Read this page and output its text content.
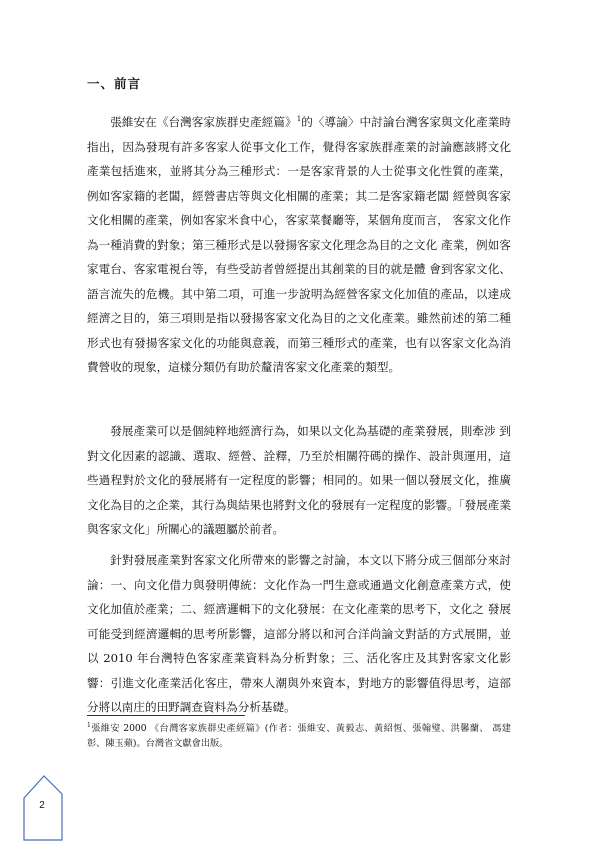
一、前言
張維安在《台灣客家族群史產經篇》$^1$的〈導論〉中討論台灣客家與文化產業時指出，因為發現有許多客家人從事文化工作，覺得客家族群產業的討論應該將文化產業包括進來，並將其分為三種形式：一是客家背景的人士從事文化性質的產業，例如客家籍的老闆，經營書店等與文化相關的產業；其二是客家籍老闆 經營與客家文化相關的產業，例如客家米食中心，客家菜餐廳等，某個角度而言， 客家文化作為一種消費的對象；第三種形式是以發揚客家文化理念為目的之文化 產業，例如客家電台、客家電視台等，有些受訪者曾經提出其創業的目的就是體 會到客家文化、語言流失的危機。其中第二項，可進一步說明為經營客家文化加值的產品，以達成經濟之目的，第三項則是指以發揚客家文化為目的之文化產業。雖然前述的第二種形式也有發揚客家文化的功能與意義，而第三種形式的產業，也有以客家文化為消費營收的現象，這樣分類仍有助於釐清客家文化產業的類型。
發展產業可以是個純粹地經濟行為，如果以文化為基礎的產業發展，則牽涉 到對文化因素的認識、選取、經營、詮釋，乃至於相關符碼的操作、設計與運用，這些過程對於文化的發展將有一定程度的影響；相同的。如果一個以發展文化，推廣文化為目的之企業，其行為與結果也將對文化的發展有一定程度的影響。「發展產業與客家文化」所關心的議題屬於前者。
針對發展產業對客家文化所帶來的影響之討論，本文以下將分成三個部分來討論：一、向文化借力與發明傳統：文化作為一門生意或通過文化創意產業方式，使文化加值於產業；二、經濟邏輯下的文化發展：在文化產業的思考下，文化之 發展可能受到經濟邏輯的思考所影響，這部分將以和河合洋尚論文對話的方式展開，並以 2010 年台灣特色客家產業資料為分析對象；三、活化客庄及其對客家文化影響：引進文化產業活化客庄，帶來人潮與外來資本，對地方的影響值得思考，這部分將以南庄的田野調查資料為分析基礎。
$^1$張維安 2000 《台灣客家族群史產經篇》(作者：張維安、黃毅志、黃紹恆、張翰璧、洪馨蘭、 馮建彰、陳玉蘋)。台灣省文獻會出版。
2
